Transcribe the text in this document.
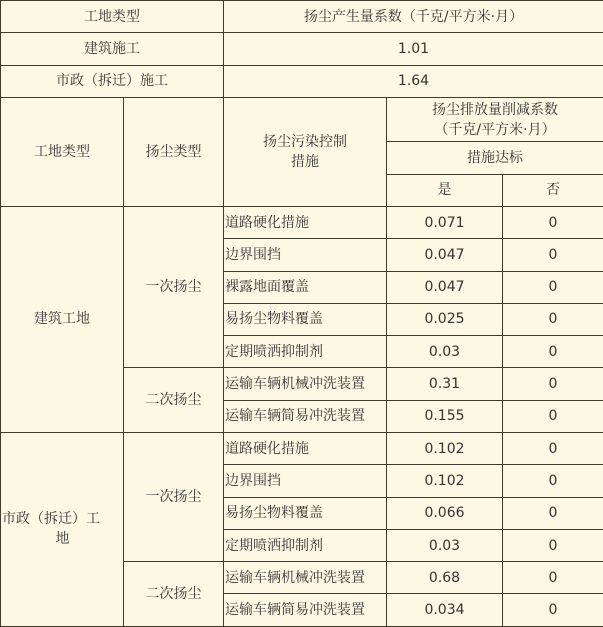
工地类型		扬尘产生量系数（千克/平方米·月）		
建筑施工		1.01		
市政（拆迁）施工		1.64		
工地类型	扬尘类型	扬尘污染控制
措施	扬尘排放量削减系数
（千克/平方米·月）	

			措施达标	
			是	否

建筑工地	一次扬尘	道路硬化措施	0.071	0
		边界围挡	0.047	0
		裸露地面覆盖	0.047	0
		易扬尘物料覆盖	0.025	0
		定期喷洒抑制剂	0.03	0
	二次扬尘	运输车辆机械冲洗装置	0.31	0
		运输车辆简易冲洗装置	0.155	0

市政（拆迁）工
地	一次扬尘	道路硬化措施	0.102	0
		边界围挡	0.102	0
		易扬尘物料覆盖	0.066	0
		定期喷洒抑制剂	0.03	0
	二次扬尘	运输车辆机械冲洗装置	0.68	0
		运输车辆简易冲洗装置	0.034	0
